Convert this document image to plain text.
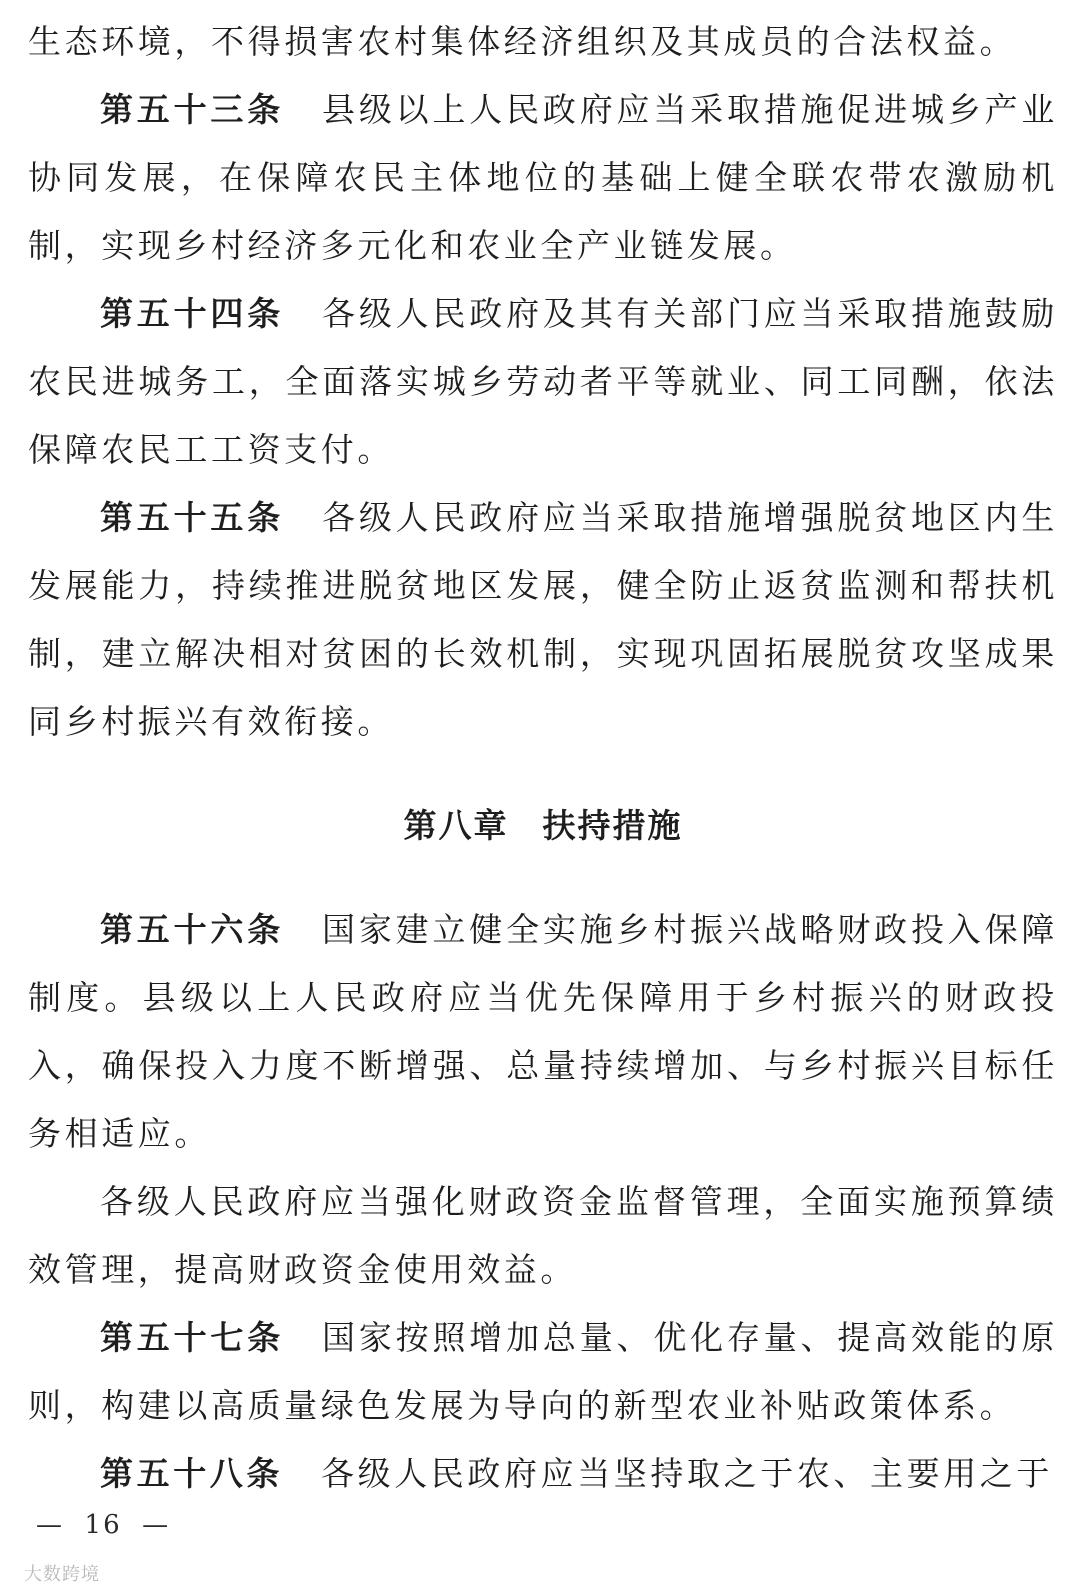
生态环境，不得损害农村集体经济组织及其成员的合法权益。

第五十三条 县级以上人民政府应当采取措施促进城乡产业协同发展，在保障农民主体地位的基础上健全联农带农激励机制，实现乡村经济多元化和农业全产业链发展。

第五十四条 各级人民政府及其有关部门应当采取措施鼓励农民进城务工，全面落实城乡劳动者平等就业、同工同酬，依法保障农民工工资支付。

第五十五条 各级人民政府应当采取措施增强脱贫地区内生发展能力，持续推进脱贫地区发展，健全防止返贫监测和帮扶机制，建立解决相对贫困的长效机制，实现巩固拓展脱贫攻坚成果同乡村振兴有效衔接。

第八章 扶持措施

第五十六条 国家建立健全实施乡村振兴战略财政投入保障制度。县级以上人民政府应当优先保障用于乡村振兴的财政投入，确保投入力度不断增强、总量持续增加、与乡村振兴目标任务相适应。

各级人民政府应当强化财政资金监督管理，全面实施预算绩效管理，提高财政资金使用效益。

第五十七条 国家按照增加总量、优化存量、提高效能的原则，构建以高质量绿色发展为导向的新型农业补贴政策体系。

第五十八条 各级人民政府应当坚持取之于农、主要用之于

—  16  —
大数跨境
